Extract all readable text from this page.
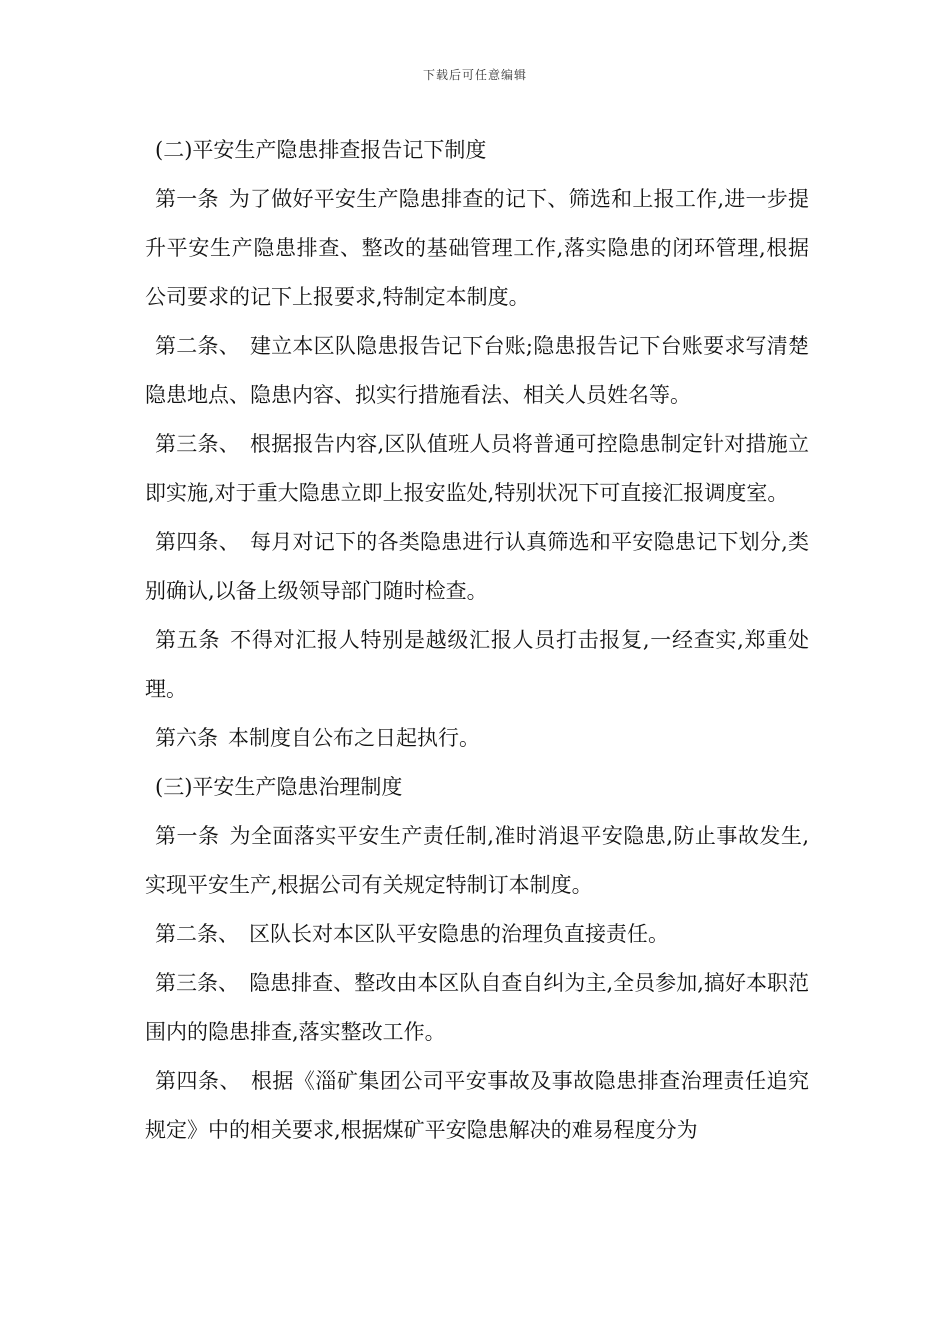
下载后可任意编辑

(二)平安生产隐患排查报告记下制度

第一条 为了做好平安生产隐患排查的记下、筛选和上报工作,进一步提升平安生产隐患排查、整改的基础管理工作,落实隐患的闭环管理,根据公司要求的记下上报要求,特制定本制度。

第二条、 建立本区队隐患报告记下台账;隐患报告记下台账要求写清楚隐患地点、隐患内容、拟实行措施看法、相关人员姓名等。

第三条、 根据报告内容,区队值班人员将普通可控隐患制定针对措施立即实施,对于重大隐患立即上报安监处,特别状况下可直接汇报调度室。

第四条、 每月对记下的各类隐患进行认真筛选和平安隐患记下划分,类别确认,以备上级领导部门随时检查。

第五条 不得对汇报人特别是越级汇报人员打击报复,一经查实,郑重处理。

第六条 本制度自公布之日起执行。

(三)平安生产隐患治理制度

第一条 为全面落实平安生产责任制,准时消退平安隐患,防止事故发生,实现平安生产,根据公司有关规定特制订本制度。

第二条、 区队长对本区队平安隐患的治理负直接责任。

第三条、 隐患排查、整改由本区队自查自纠为主,全员参加,搞好本职范围内的隐患排查,落实整改工作。

第四条、 根据《淄矿集团公司平安事故及事故隐患排查治理责任追究规定》中的相关要求,根据煤矿平安隐患解决的难易程度分为
